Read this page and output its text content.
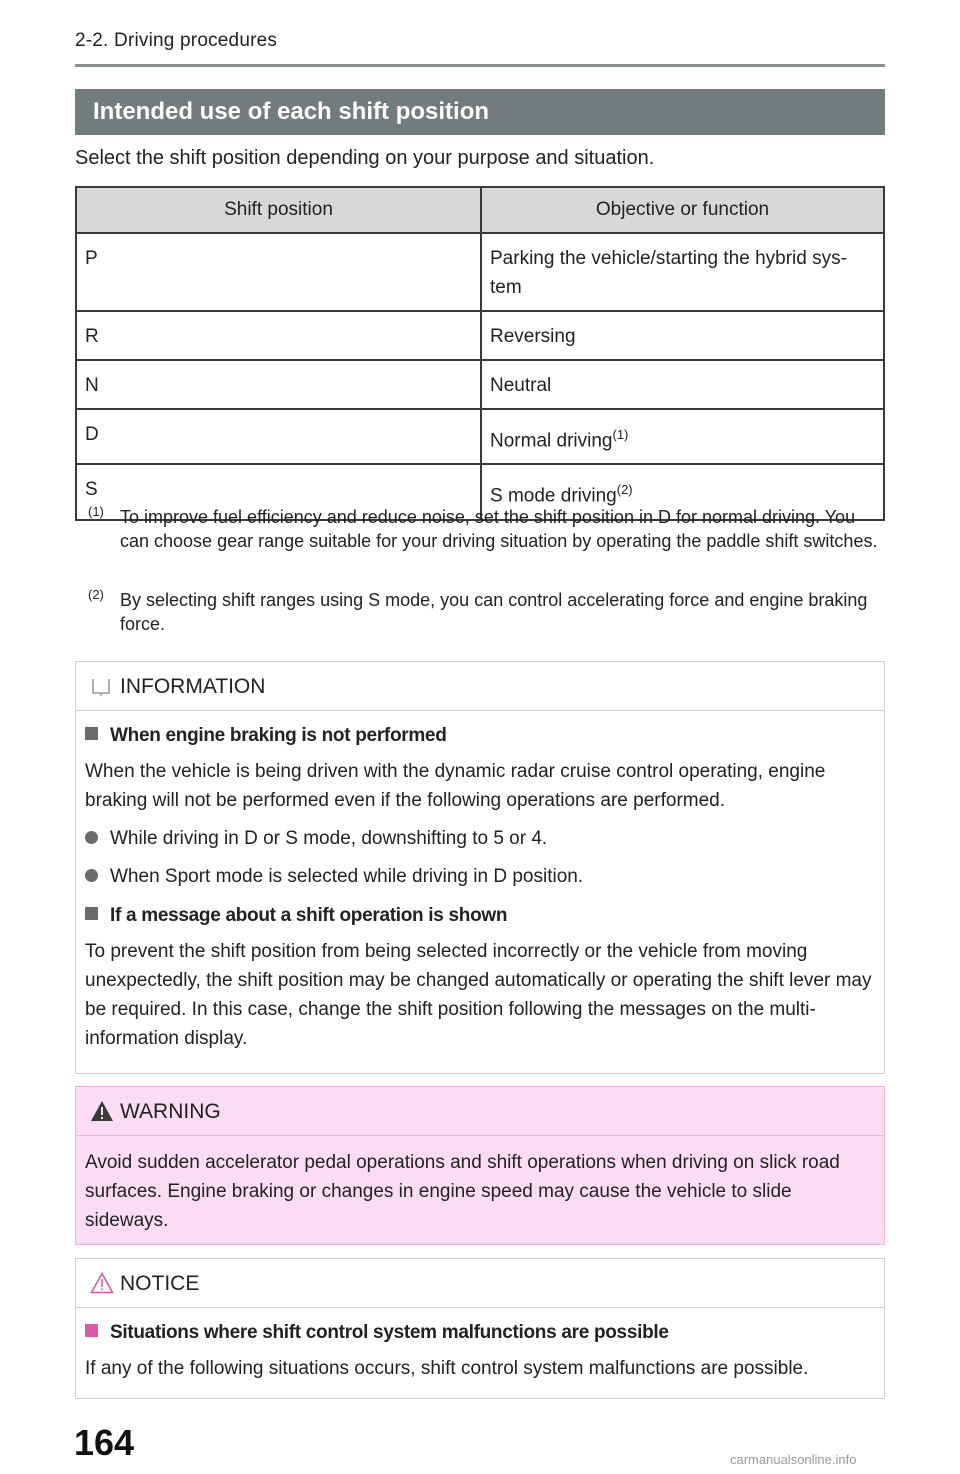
2-2. Driving procedures
Intended use of each shift position
Select the shift position depending on your purpose and situation.
Shift position	Objective or function
P	Parking the vehicle/starting the hybrid sys-
tem
R	Reversing
N	Neutral
D	Normal driving$^{(1)}$
S	S mode driving$^{(2)}$
(1) To improve fuel efficiency and reduce noise, set the shift position in D for normal driving. You can choose gear range suitable for your driving situation by operating the paddle shift switches.
(2) By selecting shift ranges using S mode, you can control accelerating force and engine braking force.
INFORMATION
When engine braking is not performed
When the vehicle is being driven with the dynamic radar cruise control operating, engine braking will not be performed even if the following operations are performed.
While driving in D or S mode, downshifting to 5 or 4.
When Sport mode is selected while driving in D position.
If a message about a shift operation is shown
To prevent the shift position from being selected incorrectly or the vehicle from moving unexpectedly, the shift position may be changed automatically or operating the shift lever may be required. In this case, change the shift position following the messages on the multi-information display.
WARNING
Avoid sudden accelerator pedal operations and shift operations when driving on slick road surfaces. Engine braking or changes in engine speed may cause the vehicle to slide sideways.
NOTICE
Situations where shift control system malfunctions are possible
If any of the following situations occurs, shift control system malfunctions are possible.
164	carmanualsonline.info
